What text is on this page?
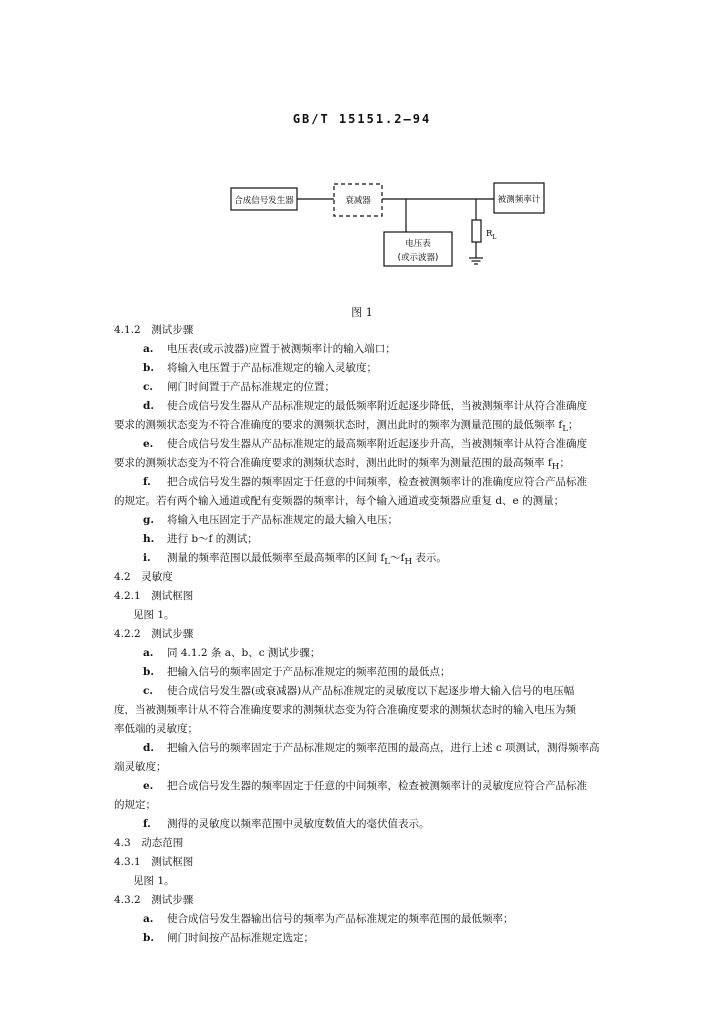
GB/T 15151.2—94
合成信号发生器	衰减器	被测频率计
电压表
(或示波器)
$R_L$
图 1
4.1.2　测试步骤
a. 电压表(或示波器)应置于被测频率计的输入端口；
b. 将输入电压置于产品标准规定的输入灵敏度；
c. 闸门时间置于产品标准规定的位置；
d. 使合成信号发生器从产品标准规定的最低频率附近起逐步降低，当被测频率计从符合准确度
要求的测频状态变为不符合准确度的要求的测频状态时，测出此时的频率为测量范围的最低频率 $f_L$；
e. 使合成信号发生器从产品标准规定的最高频率附近起逐步升高，当被测频率计从符合准确度
要求的测频状态变为不符合准确度要求的测频状态时，测出此时的频率为测量范围的最高频率 $f_H$；
f. 把合成信号发生器的频率固定于任意的中间频率，检查被测频率计的准确度应符合产品标准
的规定。若有两个输入通道或配有变频器的频率计，每个输入通道或变频器应重复 d、e 的测量；
g. 将输入电压固定于产品标准规定的最大输入电压；
h. 进行 b～f 的测试；
i. 测量的频率范围以最低频率至最高频率的区间 $f_L\sim f_H$ 表示。
4.2　灵敏度
4.2.1　测试框图
见图 1。
4.2.2　测试步骤
a. 同 4.1.2 条 a、b、c 测试步骤；
b. 把输入信号的频率固定于产品标准规定的频率范围的最低点；
c. 使合成信号发生器(或衰减器)从产品标准规定的灵敏度以下起逐步增大输入信号的电压幅
度，当被测频率计从不符合准确度要求的测频状态变为符合准确度要求的测频状态时的输入电压为频
率低端的灵敏度；
d. 把输入信号的频率固定于产品标准规定的频率范围的最高点，进行上述 c 项测试，测得频率高
端灵敏度；
e. 把合成信号发生器的频率固定于任意的中间频率，检查被测频率计的灵敏度应符合产品标准
的规定；
f. 测得的灵敏度以频率范围中灵敏度数值大的毫伏值表示。
4.3　动态范围
4.3.1　测试框图
见图 1。
4.3.2　测试步骤
a. 使合成信号发生器输出信号的频率为产品标准规定的频率范围的最低频率；
b. 闸门时间按产品标准规定选定；
